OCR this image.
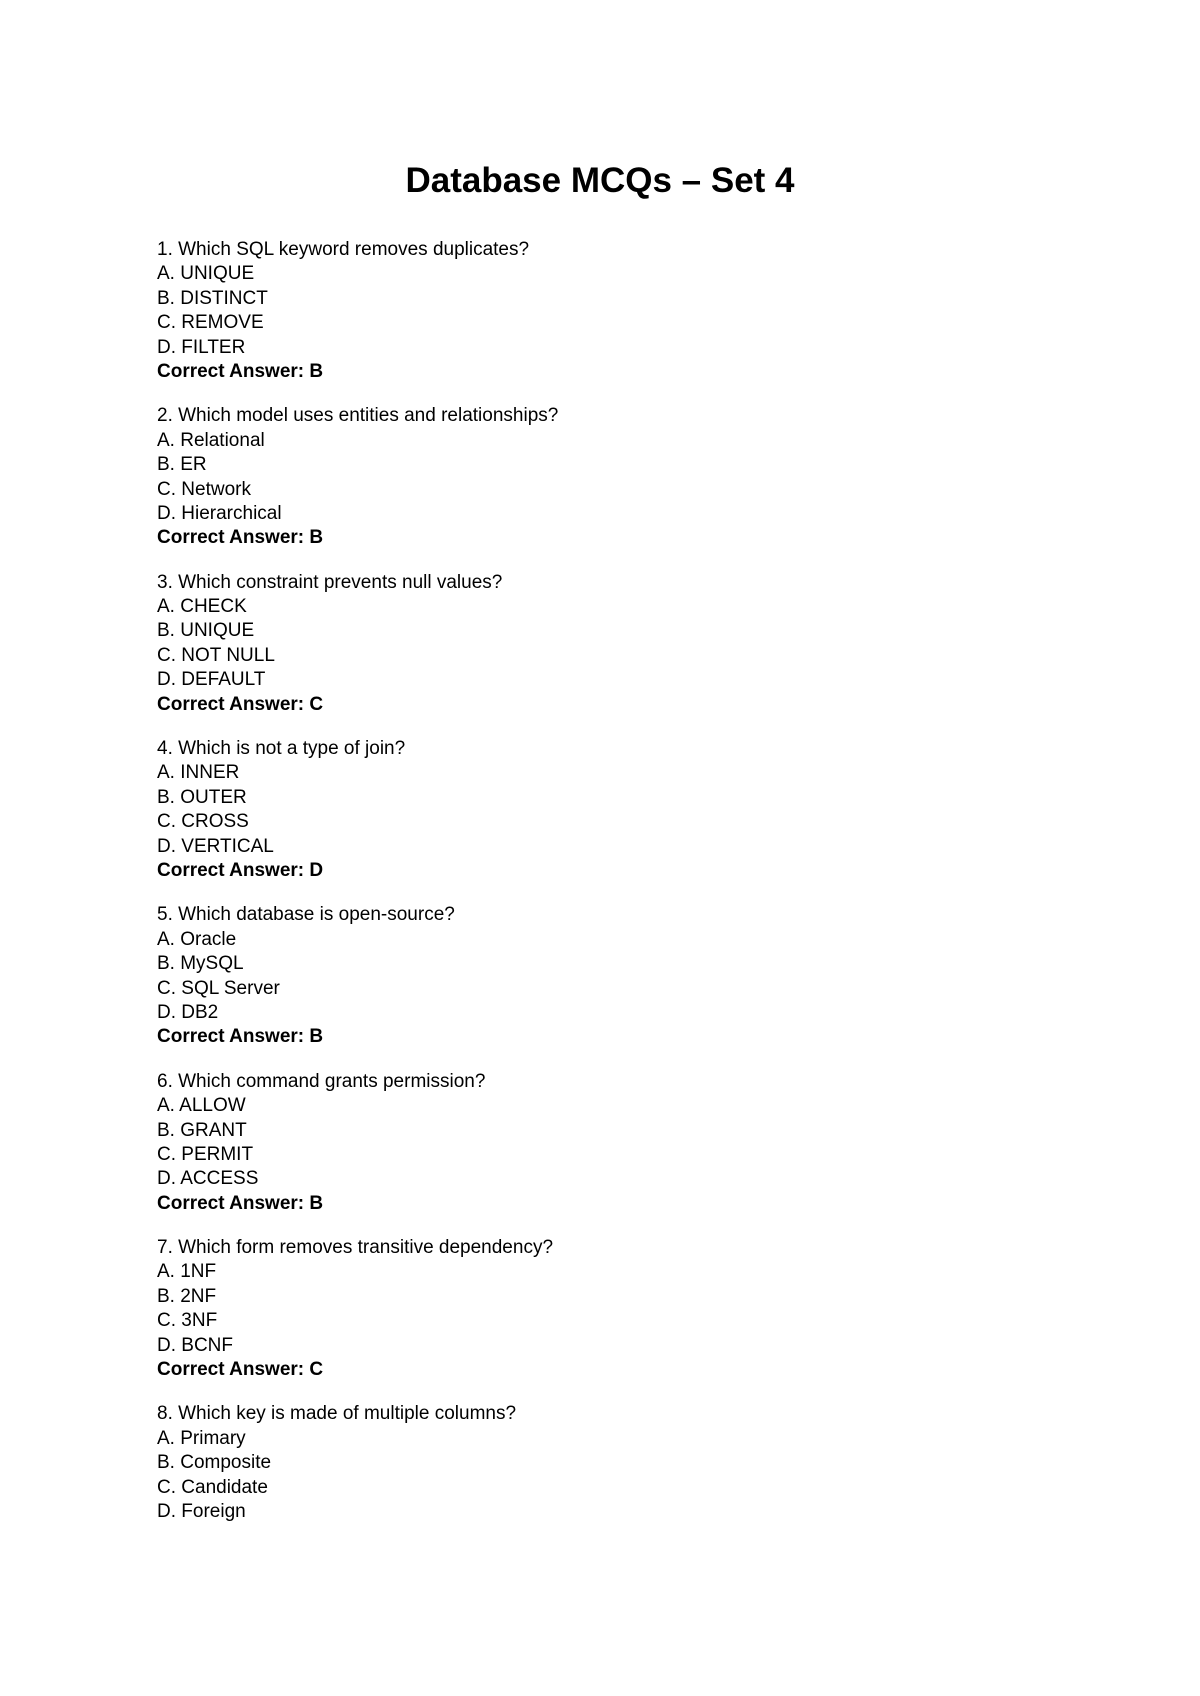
Database MCQs – Set 4
1. Which SQL keyword removes duplicates?
A. UNIQUE
B. DISTINCT
C. REMOVE
D. FILTER
Correct Answer: B
2. Which model uses entities and relationships?
A. Relational
B. ER
C. Network
D. Hierarchical
Correct Answer: B
3. Which constraint prevents null values?
A. CHECK
B. UNIQUE
C. NOT NULL
D. DEFAULT
Correct Answer: C
4. Which is not a type of join?
A. INNER
B. OUTER
C. CROSS
D. VERTICAL
Correct Answer: D
5. Which database is open-source?
A. Oracle
B. MySQL
C. SQL Server
D. DB2
Correct Answer: B
6. Which command grants permission?
A. ALLOW
B. GRANT
C. PERMIT
D. ACCESS
Correct Answer: B
7. Which form removes transitive dependency?
A. 1NF
B. 2NF
C. 3NF
D. BCNF
Correct Answer: C
8. Which key is made of multiple columns?
A. Primary
B. Composite
C. Candidate
D. Foreign
